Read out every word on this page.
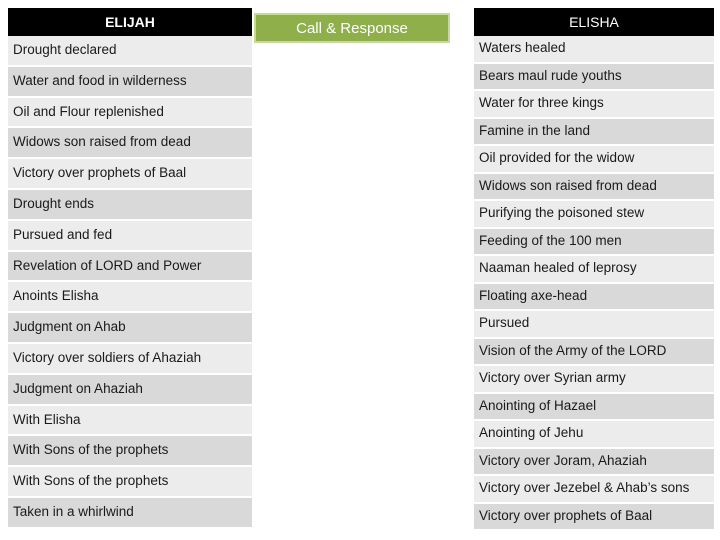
ELIJAH
Drought declared
Water and food in wilderness
Oil and Flour replenished
Widows son raised from dead
Victory over prophets of Baal
Drought ends
Pursued and fed
Revelation of LORD and Power
Anoints Elisha
Judgment on Ahab
Victory over soldiers of Ahaziah
Judgment on Ahaziah
With Elisha
With Sons of the prophets
With Sons of the prophets
Taken in a whirlwind
Call & Response	ELISHA
Waters healed
Bears maul rude youths
Water for three kings
Famine in the land
Oil provided for the widow
Widows son raised from dead
Purifying the poisoned stew
Feeding of the 100 men
Naaman healed of leprosy
Floating axe-head
Pursued
Vision of the Army of the LORD
Victory over Syrian army
Anointing of Hazael
Anointing of Jehu
Victory over Joram, Ahaziah
Victory over Jezebel & Ahab’s sons
Victory over prophets of Baal
